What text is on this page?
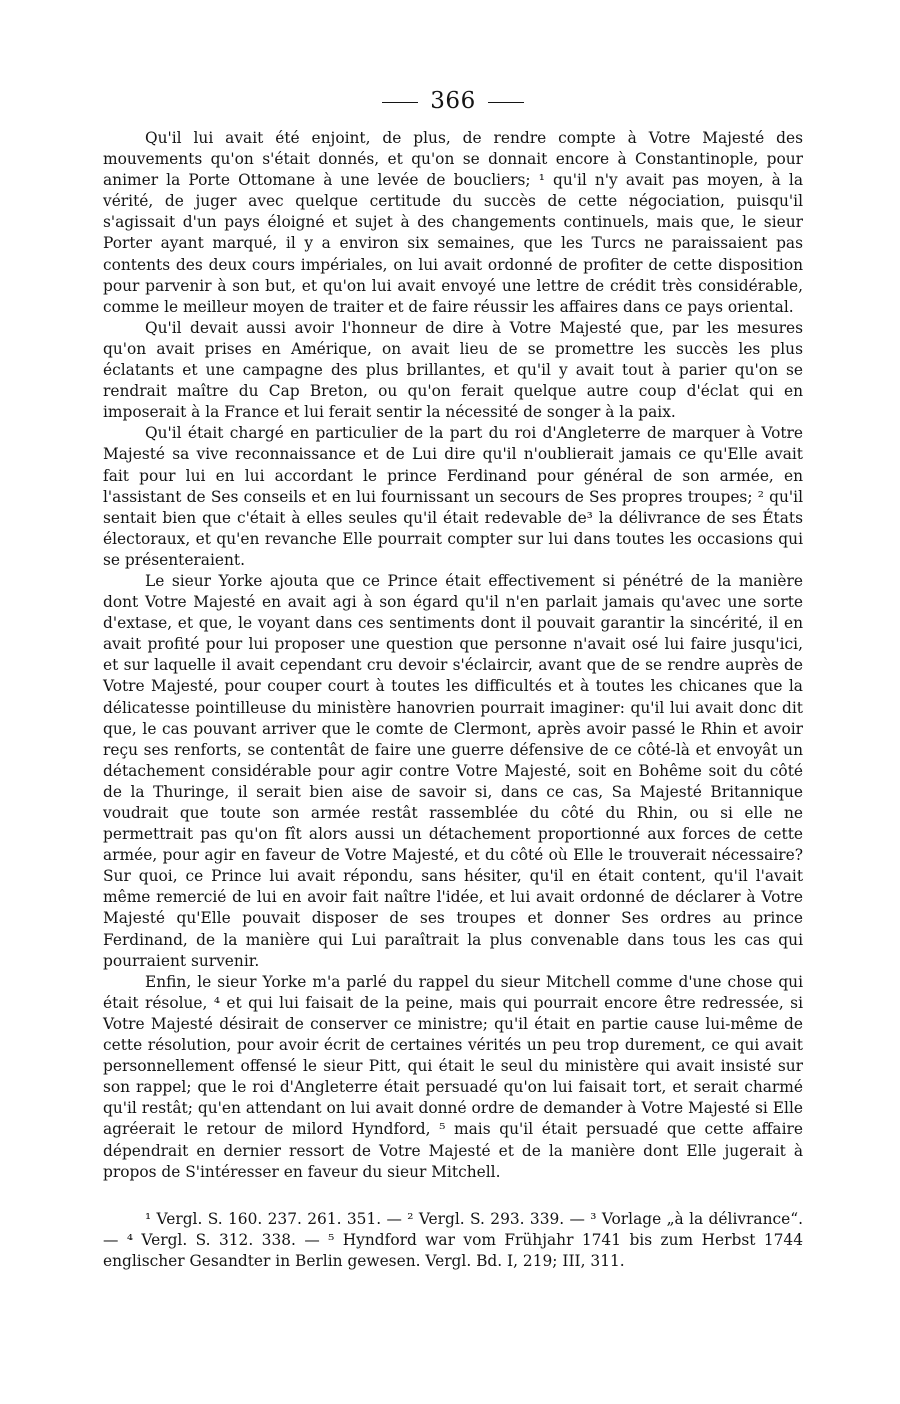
366

Qu'il lui avait été enjoint, de plus, de rendre compte à Votre Majesté des mouvements qu'on s'était donnés, et qu'on se donnait encore à Constantinople, pour animer la Porte Ottomane à une levée de boucliers; ¹ qu'il n'y avait pas moyen, à la vérité, de juger avec quelque certitude du succès de cette négociation, puisqu'il s'agissait d'un pays éloigné et sujet à des changements continuels, mais que, le sieur Porter ayant marqué, il y a environ six semaines, que les Turcs ne paraissaient pas contents des deux cours impériales, on lui avait ordonné de profiter de cette disposition pour parvenir à son but, et qu'on lui avait envoyé une lettre de crédit très considérable, comme le meilleur moyen de traiter et de faire réussir les affaires dans ce pays oriental.

Qu'il devait aussi avoir l'honneur de dire à Votre Majesté que, par les mesures qu'on avait prises en Amérique, on avait lieu de se promettre les succès les plus éclatants et une campagne des plus brillantes, et qu'il y avait tout à parier qu'on se rendrait maître du Cap Breton, ou qu'on ferait quelque autre coup d'éclat qui en imposerait à la France et lui ferait sentir la nécessité de songer à la paix.

Qu'il était chargé en particulier de la part du roi d'Angleterre de marquer à Votre Majesté sa vive reconnaissance et de Lui dire qu'il n'oublierait jamais ce qu'Elle avait fait pour lui en lui accordant le prince Ferdinand pour général de son armée, en l'assistant de Ses conseils et en lui fournissant un secours de Ses propres troupes; ² qu'il sentait bien que c'était à elles seules qu'il était redevable de³ la délivrance de ses États électoraux, et qu'en revanche Elle pourrait compter sur lui dans toutes les occasions qui se présenteraient.

Le sieur Yorke ajouta que ce Prince était effectivement si pénétré de la manière dont Votre Majesté en avait agi à son égard qu'il n'en parlait jamais qu'avec une sorte d'extase, et que, le voyant dans ces sentiments dont il pouvait garantir la sincérité, il en avait profité pour lui proposer une question que personne n'avait osé lui faire jusqu'ici, et sur laquelle il avait cependant cru devoir s'éclaircir, avant que de se rendre auprès de Votre Majesté, pour couper court à toutes les difficultés et à toutes les chicanes que la délicatesse pointilleuse du ministère hanovrien pourrait imaginer: qu'il lui avait donc dit que, le cas pouvant arriver que le comte de Clermont, après avoir passé le Rhin et avoir reçu ses renforts, se contentât de faire une guerre défensive de ce côté-là et envoyât un détachement considérable pour agir contre Votre Majesté, soit en Bohême soit du côté de la Thuringe, il serait bien aise de savoir si, dans ce cas, Sa Majesté Britannique voudrait que toute son armée restât rassemblée du côté du Rhin, ou si elle ne permettrait pas qu'on fît alors aussi un détachement proportionné aux forces de cette armée, pour agir en faveur de Votre Majesté, et du côté où Elle le trouverait nécessaire? Sur quoi, ce Prince lui avait répondu, sans hésiter, qu'il en était content, qu'il l'avait même remercié de lui en avoir fait naître l'idée, et lui avait ordonné de déclarer à Votre Majesté qu'Elle pouvait disposer de ses troupes et donner Ses ordres au prince Ferdinand, de la manière qui Lui paraîtrait la plus convenable dans tous les cas qui pourraient survenir.

Enfin, le sieur Yorke m'a parlé du rappel du sieur Mitchell comme d'une chose qui était résolue, ⁴ et qui lui faisait de la peine, mais qui pourrait encore être redressée, si Votre Majesté désirait de conserver ce ministre; qu'il était en partie cause lui-même de cette résolution, pour avoir écrit de certaines vérités un peu trop durement, ce qui avait personnellement offensé le sieur Pitt, qui était le seul du ministère qui avait insisté sur son rappel; que le roi d'Angleterre était persuadé qu'on lui faisait tort, et serait charmé qu'il restât; qu'en attendant on lui avait donné ordre de demander à Votre Majesté si Elle agréerait le retour de milord Hyndford, ⁵ mais qu'il était persuadé que cette affaire dépendrait en dernier ressort de Votre Majesté et de la manière dont Elle jugerait à propos de S'intéresser en faveur du sieur Mitchell.

¹ Vergl. S. 160. 237. 261. 351. — ² Vergl. S. 293. 339. — ³ Vorlage „à la délivrance“. — ⁴ Vergl. S. 312. 338. — ⁵ Hyndford war vom Frühjahr 1741 bis zum Herbst 1744 englischer Gesandter in Berlin gewesen. Vergl. Bd. I, 219; III, 311.
